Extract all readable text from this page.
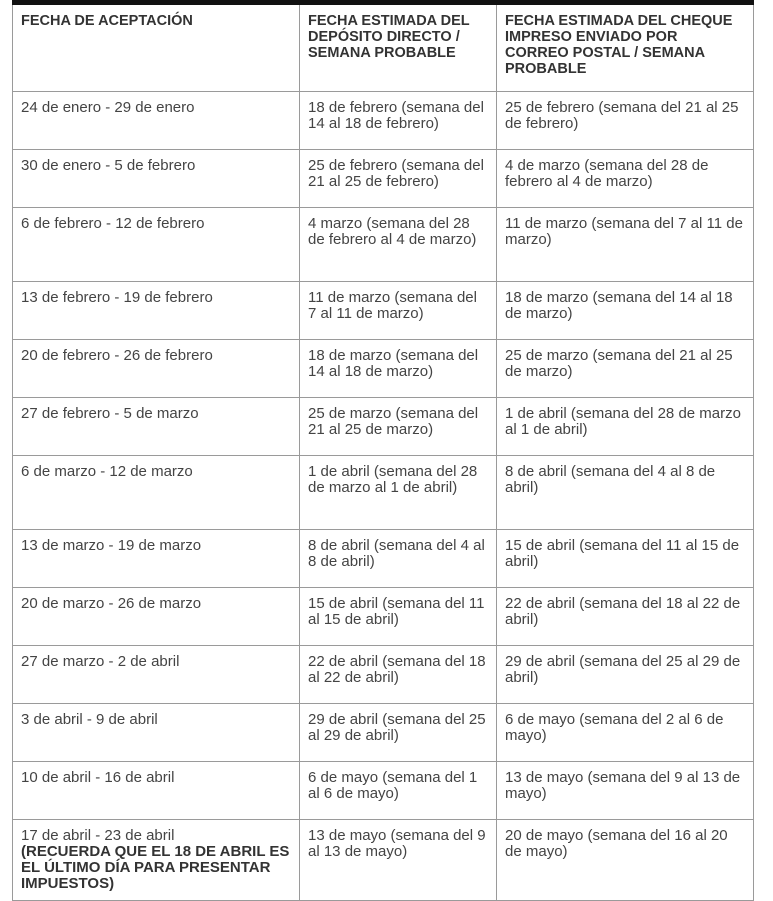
FECHA DE ACEPTACIÓN	FECHA ESTIMADA DEL DEPÓSITO DIRECTO / SEMANA PROBABLE	FECHA ESTIMADA DEL CHEQUE IMPRESO ENVIADO POR CORREO POSTAL / SEMANA PROBABLE
24 de enero - 29 de enero	18 de febrero (semana del 14 al 18 de febrero)	25 de febrero (semana del 21 al 25 de febrero)
30 de enero - 5 de febrero	25 de febrero (semana del 21 al 25 de febrero)	4 de marzo (semana del 28 de febrero al 4 de marzo)
6 de febrero - 12 de febrero	4 marzo (semana del 28 de febrero al 4 de marzo)	11 de marzo (semana del 7 al 11 de marzo)
13 de febrero - 19 de febrero	11 de marzo (semana del 7 al 11 de marzo)	18 de marzo (semana del 14 al 18 de marzo)
20 de febrero - 26 de febrero	18 de marzo (semana del 14 al 18 de marzo)	25 de marzo (semana del 21 al 25 de marzo)
27 de febrero - 5 de marzo	25 de marzo (semana del 21 al 25 de marzo)	1 de abril (semana del 28 de marzo al 1 de abril)
6 de marzo - 12 de marzo	1 de abril (semana del 28 de marzo al 1 de abril)	8 de abril (semana del 4 al 8 de abril)
13 de marzo - 19 de marzo	8 de abril (semana del 4 al 8 de abril)	15 de abril (semana del 11 al 15 de abril)
20 de marzo - 26 de marzo	15 de abril (semana del 11 al 15 de abril)	22 de abril (semana del 18 al 22 de abril)
27 de marzo - 2 de abril	22 de abril (semana del 18 al 22 de abril)	29 de abril (semana del 25 al 29 de abril)
3 de abril - 9 de abril	29 de abril (semana del 25 al 29 de abril)	6 de mayo (semana del 2 al 6 de mayo)
10 de abril - 16 de abril	6 de mayo (semana del 1 al 6 de mayo)	13 de mayo (semana del 9 al 13 de mayo)
17 de abril - 23 de abril
(RECUERDA QUE EL 18 DE ABRIL ES EL ÚLTIMO DÍA PARA PRESENTAR IMPUESTOS)	13 de mayo (semana del 9 al 13 de mayo)	20 de mayo (semana del 16 al 20 de mayo)
